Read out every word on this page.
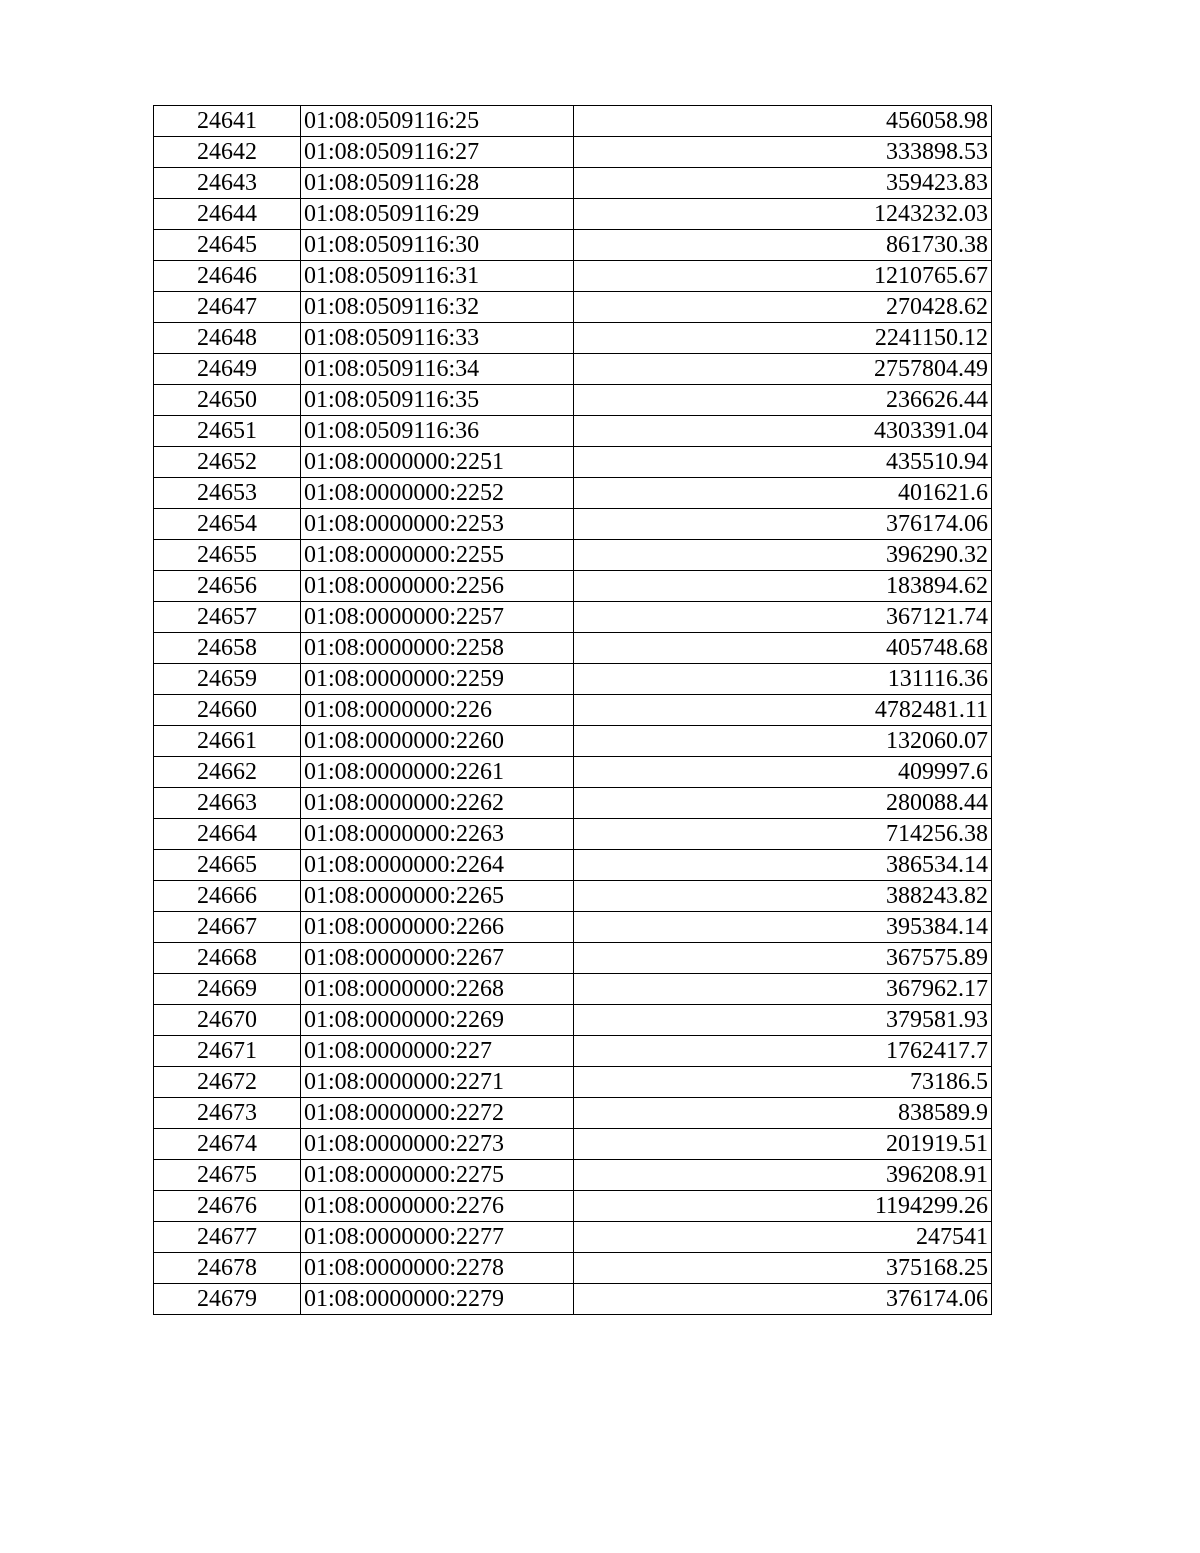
24641	01:08:0509116:25	456058.98
24642	01:08:0509116:27	333898.53
24643	01:08:0509116:28	359423.83
24644	01:08:0509116:29	1243232.03
24645	01:08:0509116:30	861730.38
24646	01:08:0509116:31	1210765.67
24647	01:08:0509116:32	270428.62
24648	01:08:0509116:33	2241150.12
24649	01:08:0509116:34	2757804.49
24650	01:08:0509116:35	236626.44
24651	01:08:0509116:36	4303391.04
24652	01:08:0000000:2251	435510.94
24653	01:08:0000000:2252	401621.6
24654	01:08:0000000:2253	376174.06
24655	01:08:0000000:2255	396290.32
24656	01:08:0000000:2256	183894.62
24657	01:08:0000000:2257	367121.74
24658	01:08:0000000:2258	405748.68
24659	01:08:0000000:2259	131116.36
24660	01:08:0000000:226	4782481.11
24661	01:08:0000000:2260	132060.07
24662	01:08:0000000:2261	409997.6
24663	01:08:0000000:2262	280088.44
24664	01:08:0000000:2263	714256.38
24665	01:08:0000000:2264	386534.14
24666	01:08:0000000:2265	388243.82
24667	01:08:0000000:2266	395384.14
24668	01:08:0000000:2267	367575.89
24669	01:08:0000000:2268	367962.17
24670	01:08:0000000:2269	379581.93
24671	01:08:0000000:227	1762417.7
24672	01:08:0000000:2271	73186.5
24673	01:08:0000000:2272	838589.9
24674	01:08:0000000:2273	201919.51
24675	01:08:0000000:2275	396208.91
24676	01:08:0000000:2276	1194299.26
24677	01:08:0000000:2277	247541
24678	01:08:0000000:2278	375168.25
24679	01:08:0000000:2279	376174.06
